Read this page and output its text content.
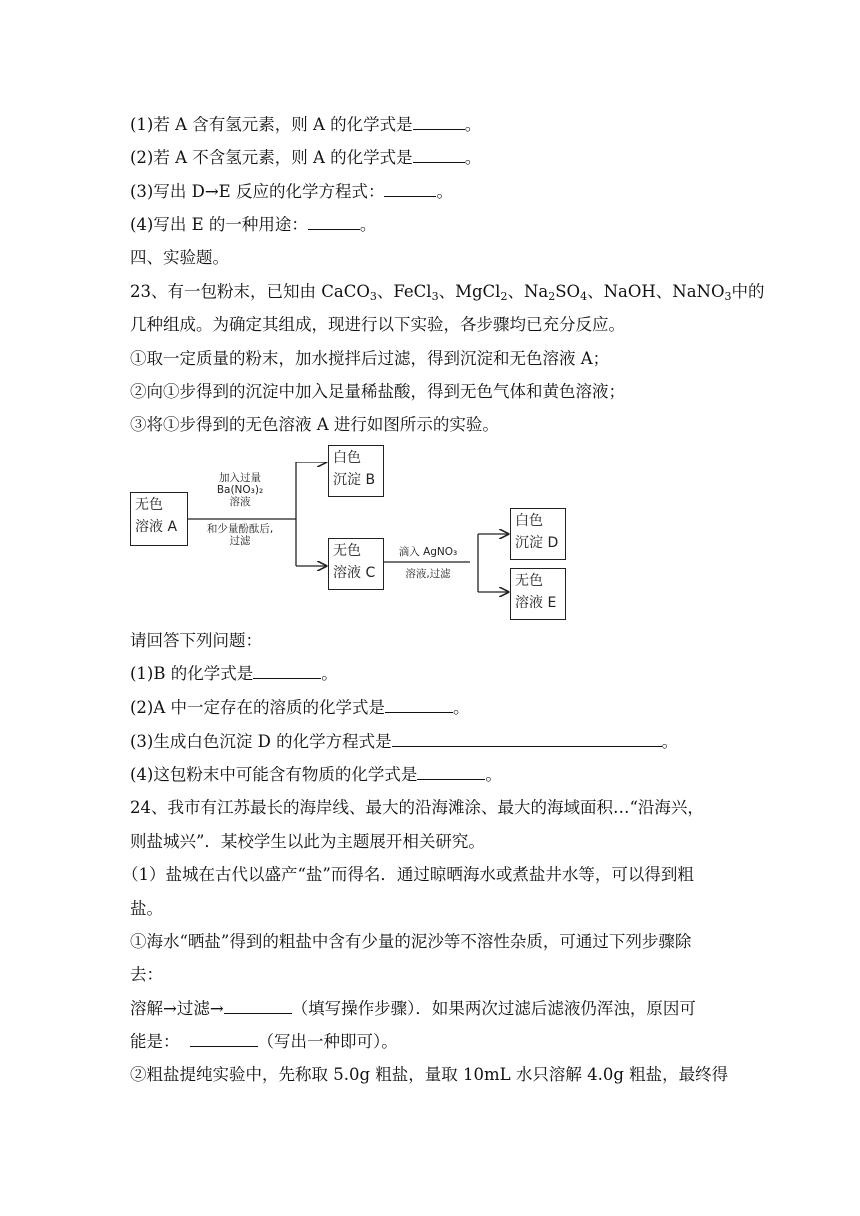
(1)若 A 含有氢元素，则 A 的化学式是	。
(2)若 A 不含氢元素，则 A 的化学式是	。
(3)写出 D→E 反应的化学方程式：	。
(4)写出 E 的一种用途：	。
四、实验题。
23、有一包粉末，已知由 CaCO$_3$、FeCl$_3$、MgCl$_2$、$Na_2SO_4$、NaOH、NaNO$_3$中的
几种组成。为确定其组成，现进行以下实验，各步骤均已充分反应。
①取一定质量的粉末，加水搅拌后过滤，得到沉淀和无色溶液 A；
②向①步得到的沉淀中加入足量稀盐酸，得到无色气体和黄色溶液；
③将①步得到的无色溶液 A 进行如图所示的实验。
无色
溶液 A
白色
沉淀 B
无色
溶液 C
白色
沉淀 D
无色
溶液 E
加入过量
Ba(NO₃)₂
溶液
和少量酚酞后,
过滤
滴入 AgNO₃
溶液,过滤
请回答下列问题：
(1)B 的化学式是	。
(2)A 中一定存在的溶质的化学式是	。
(3)生成白色沉淀 D 的化学方程式是	。
(4)这包粉末中可能含有物质的化学式是	。
24、我市有江苏最长的海岸线、最大的沿海滩涂、最大的海域面积…“沿海兴，
则盐城兴”．某校学生以此为主题展开相关研究。
（1）盐城在古代以盛产“盐”而得名．通过晾晒海水或煮盐井水等，可以得到粗
盐。
①海水“晒盐”得到的粗盐中含有少量的泥沙等不溶性杂质，可通过下列步骤除
去：
溶解→过滤→	（填写操作步骤）．如果两次过滤后滤液仍浑浊，原因可
能是：	（写出一种即可）。
②粗盐提纯实验中，先称取 5.0g 粗盐，量取 10mL 水只溶解 4.0g 粗盐，最终得
